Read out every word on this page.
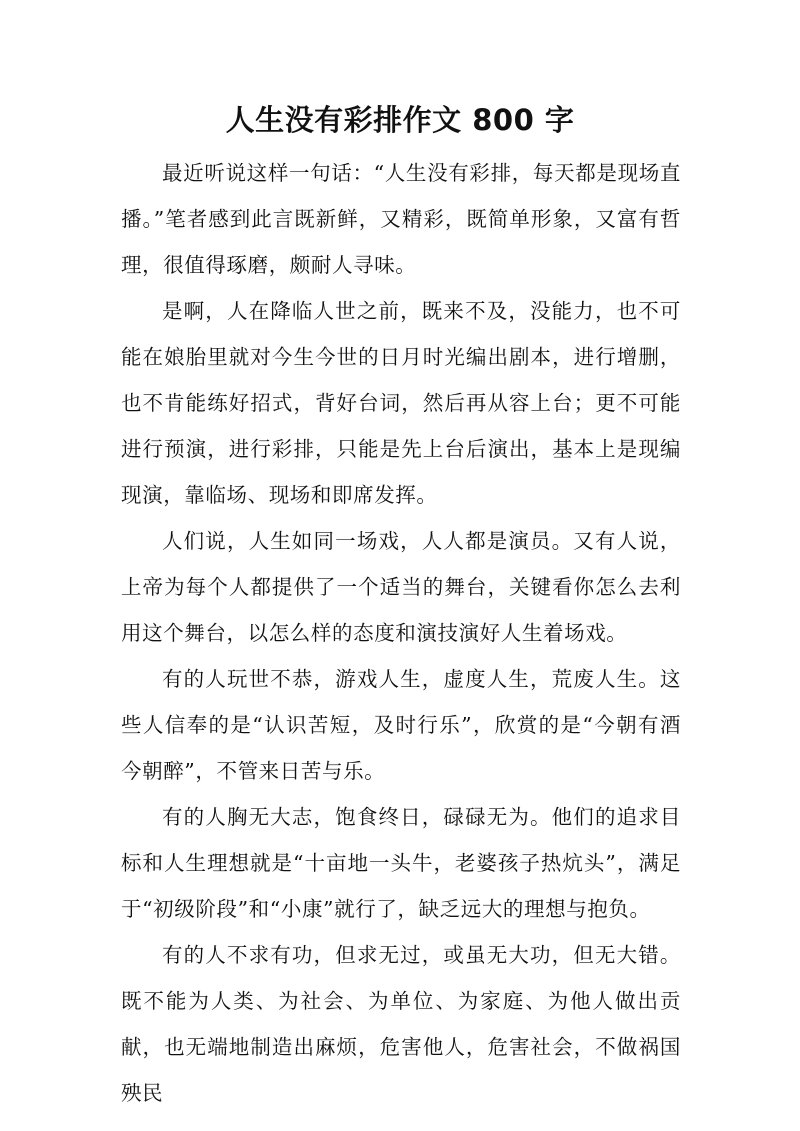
人生没有彩排作文 800 字

最近听说这样一句话：“人生没有彩排，每天都是现场直播。”笔者感到此言既新鲜，又精彩，既简单形象，又富有哲理，很值得琢磨，颇耐人寻味。

是啊，人在降临人世之前，既来不及，没能力，也不可能在娘胎里就对今生今世的日月时光编出剧本，进行增删，也不肯能练好招式，背好台词，然后再从容上台；更不可能进行预演，进行彩排，只能是先上台后演出，基本上是现编现演，靠临场、现场和即席发挥。

人们说，人生如同一场戏，人人都是演员。又有人说，上帝为每个人都提供了一个适当的舞台，关键看你怎么去利用这个舞台，以怎么样的态度和演技演好人生着场戏。

有的人玩世不恭，游戏人生，虚度人生，荒废人生。这些人信奉的是“认识苦短，及时行乐”，欣赏的是“今朝有酒今朝醉”，不管来日苦与乐。

有的人胸无大志，饱食终日，碌碌无为。他们的追求目标和人生理想就是“十亩地一头牛，老婆孩子热炕头”，满足于“初级阶段”和“小康”就行了，缺乏远大的理想与抱负。

有的人不求有功，但求无过，或虽无大功，但无大错。既不能为人类、为社会、为单位、为家庭、为他人做出贡献，也无端地制造出麻烦，危害他人，危害社会，不做祸国殃民
